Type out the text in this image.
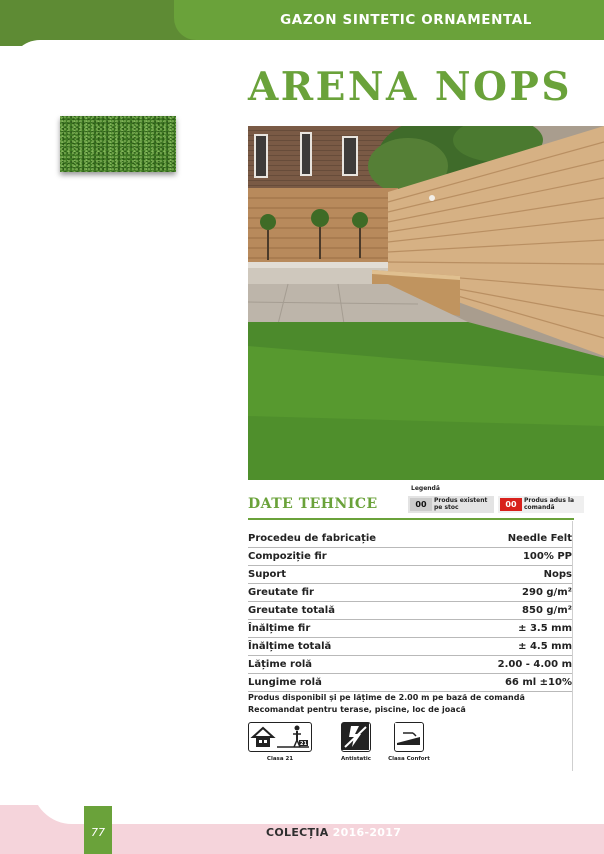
GAZON SINTETIC ORNAMENTAL
77	COLECȚIA 2016-2017
ARENA NOPS
Legendă
00	Produs existent pe stoc	00	Produs adus la comandă
DATE TEHNICE
Procedeu de fabricație	Needle Felt
Compoziție fir	100% PP
Suport	Nops
Greutate fir	290 g/m²
Greutate totală	850 g/m²
Înălțime fir	± 3.5 mm
Înălțime totală	± 4.5 mm
Lățime rolă	2.00 - 4.00 m
Lungime rolă	66 ml ±10%
Produs disponibil și pe lățime de 2.00 m pe bază de comandă
Recomandat pentru terase, piscine, loc de joacă
21
Clasa 21	Antistatic	Clasa Confort
